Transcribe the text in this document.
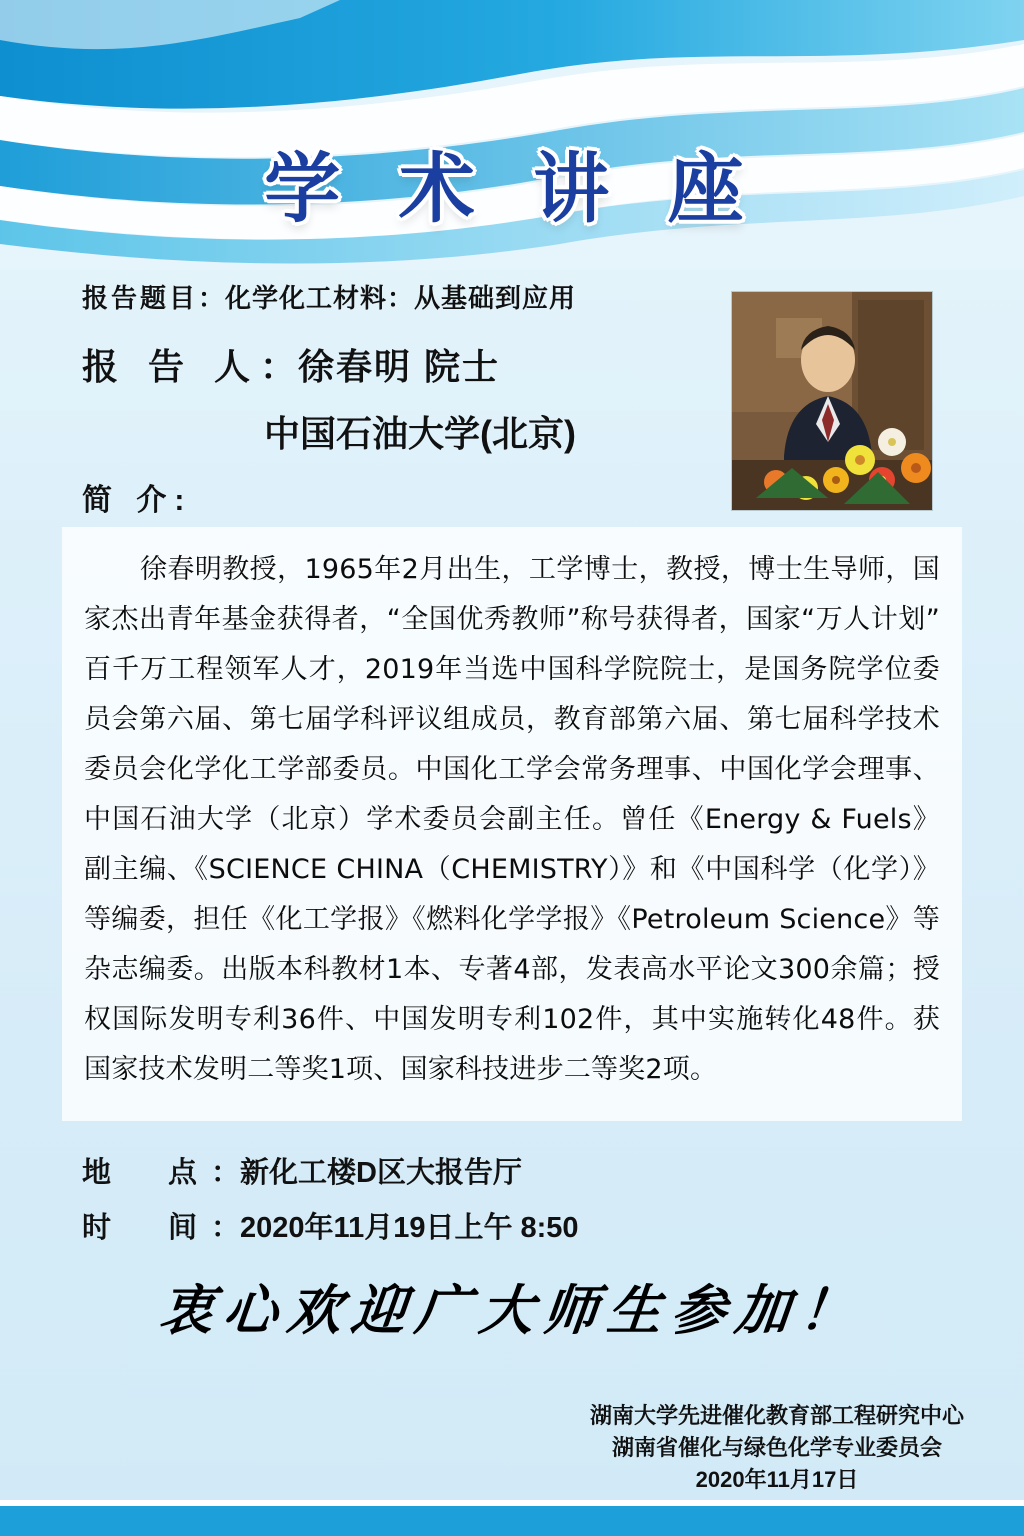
学 术 讲 座
报告题目：化学化工材料：从基础到应用
报 告 人：徐春明 院士
中国石油大学(北京)
简 介:

徐春明教授，1965年2月出生，工学博士，教授，博士生导师，国家杰出青年基金获得者，“全国优秀教师”称号获得者，国家“万人计划”百千万工程领军人才，2019年当选中国科学院院士，是国务院学位委员会第六届、第七届学科评议组成员，教育部第六届、第七届科学技术委员会化学化工学部委员。中国化工学会常务理事、中国化学会理事、中国石油大学（北京）学术委员会副主任。曾任《Energy & Fuels》副主编、《SCIENCE CHINA（CHEMISTRY）》和《中国科学（化学）》等编委，担任《化工学报》《燃料化学学报》《Petroleum Science》等杂志编委。出版本科教材1本、专著4部，发表高水平论文300余篇；授权国际发明专利36件、中国发明专利102件，其中实施转化48件。获国家技术发明二等奖1项、国家科技进步二等奖2项。

地　点：新化工楼D区大报告厅
时　间：2020年11月19日上午 8:50
衷心欢迎广大师生参加！
湖南大学先进催化教育部工程研究中心
湖南省催化与绿色化学专业委员会
2020年11月17日
